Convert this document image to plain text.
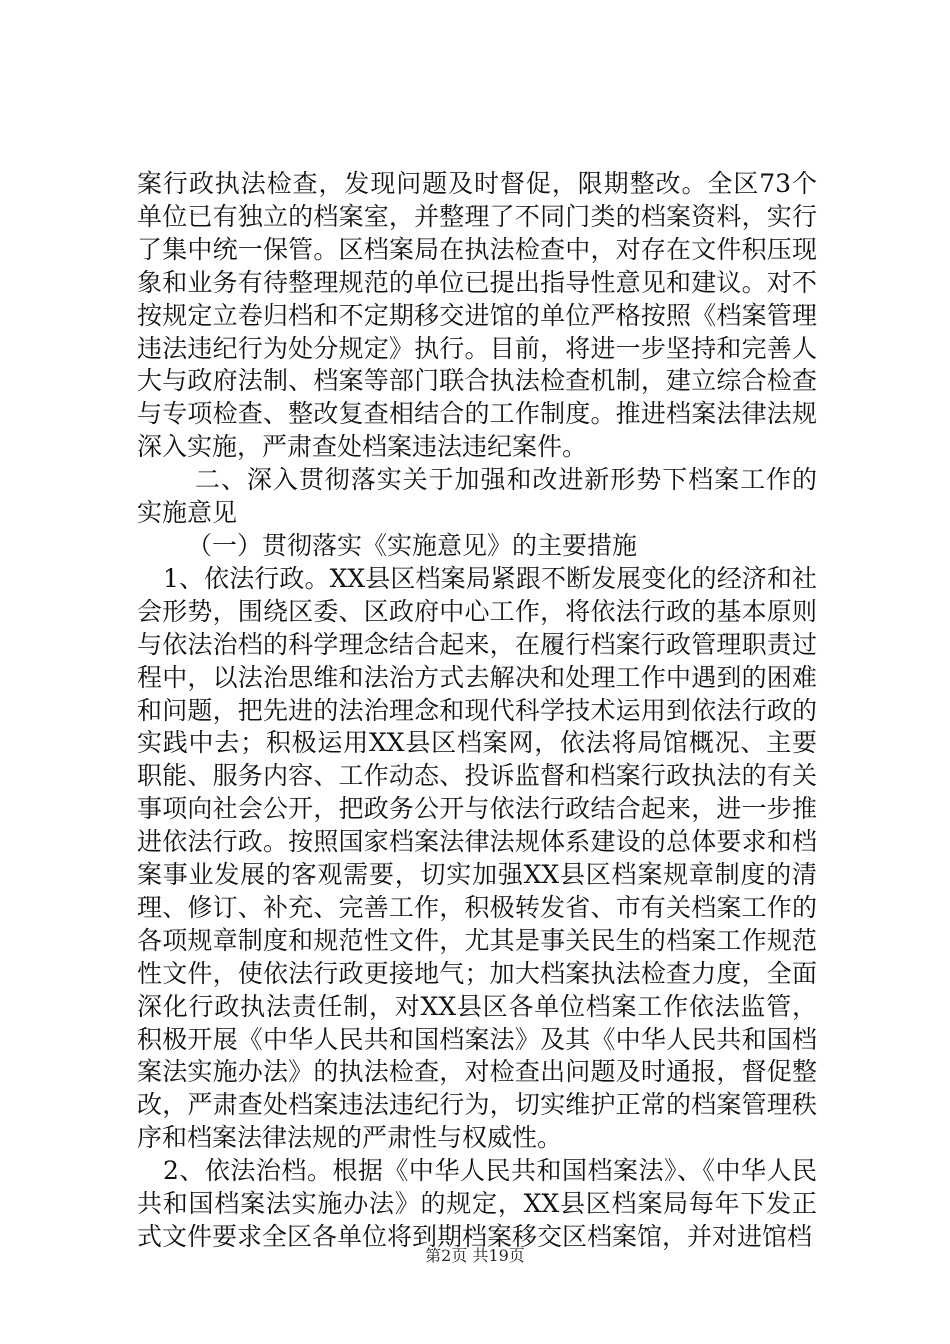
案行政执法检查，发现问题及时督促，限期整改。全区73个单位已有独立的档案室，并整理了不同门类的档案资料，实行了集中统一保管。区档案局在执法检查中，对存在文件积压现象和业务有待整理规范的单位已提出指导性意见和建议。对不按规定立卷归档和不定期移交进馆的单位严格按照《档案管理违法违纪行为处分规定》执行。目前，将进一步坚持和完善人大与政府法制、档案等部门联合执法检查机制，建立综合检查与专项检查、整改复查相结合的工作制度。推进档案法律法规深入实施，严肃查处档案违法违纪案件。

二、深入贯彻落实关于加强和改进新形势下档案工作的实施意见

（一）贯彻落实《实施意见》的主要措施

1、依法行政。XX县区档案局紧跟不断发展变化的经济和社会形势，围绕区委、区政府中心工作，将依法行政的基本原则与依法治档的科学理念结合起来，在履行档案行政管理职责过程中，以法治思维和法治方式去解决和处理工作中遇到的困难和问题，把先进的法治理念和现代科学技术运用到依法行政的实践中去；积极运用XX县区档案网，依法将局馆概况、主要职能、服务内容、工作动态、投诉监督和档案行政执法的有关事项向社会公开，把政务公开与依法行政结合起来，进一步推进依法行政。按照国家档案法律法规体系建设的总体要求和档案事业发展的客观需要，切实加强XX县区档案规章制度的清理、修订、补充、完善工作，积极转发省、市有关档案工作的各项规章制度和规范性文件，尤其是事关民生的档案工作规范性文件，使依法行政更接地气；加大档案执法检查力度，全面深化行政执法责任制，对XX县区各单位档案工作依法监管，积极开展《中华人民共和国档案法》及其《中华人民共和国档案法实施办法》的执法检查，对检查出问题及时通报，督促整改，严肃查处档案违法违纪行为，切实维护正常的档案管理秩序和档案法律法规的严肃性与权威性。

2、依法治档。根据《中华人民共和国档案法》、《中华人民共和国档案法实施办法》的规定，XX县区档案局每年下发正式文件要求全区各单位将到期档案移交区档案馆，并对进馆档

第2页 共19页
